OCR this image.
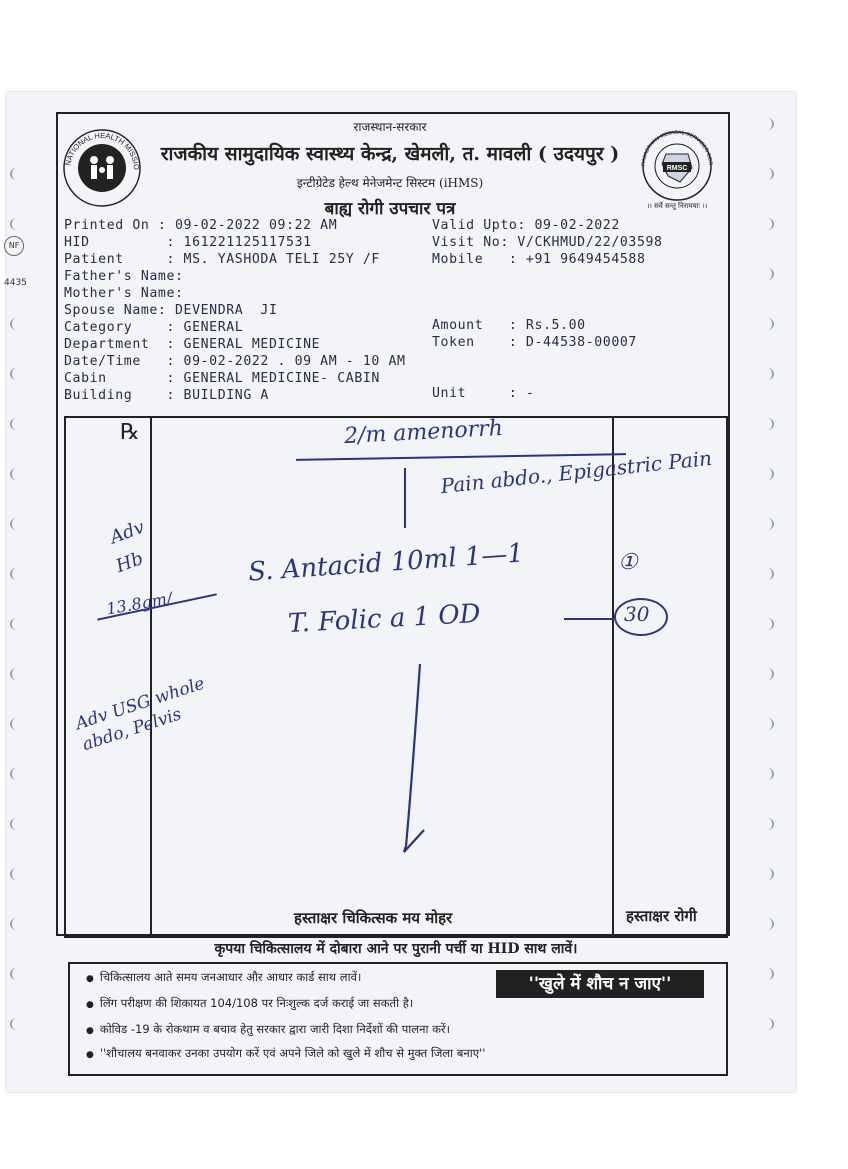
NF
4435
NATIONAL HEALTH MISSIO	RMSC
RAJASTHAN MEDICAL SERVICES COR
।। सर्वे सन्तु निरामयाः ।।
राजस्थान-सरकार
राजकीय सामुदायिक स्वास्थ्य केन्द्र, खेमली, त. मावली ( उदयपुर )
इन्टीग्रेटेड हेल्थ मेनेजमेन्ट सिस्टम (iHMS)
बाह्य रोगी उपचार पत्र
Printed On : 09-02-2022 09:22 AM	Valid Upto: 09-02-2022
HID         : 161221125117531	Visit No: V/CKHMUD/22/03598
Patient     : MS. YASHODA TELI 25Y /F	Mobile   : +91 9649454588
Father's Name:
Mother's Name:
Spouse Name: DEVENDRA  JI
Category    : GENERAL	Amount   : Rs.5.00
Department  : GENERAL MEDICINE	Token    : D-44538-00007
Date/Time   : 09-02-2022 . 09 AM - 10 AM
Cabin       : GENERAL MEDICINE- CABIN
Building    : BUILDING A	Unit     : -
℞	2/m amenorrh
Pain abdo., Epigastric Pain
Adv
Hb
13.8gm/
Adv USG whole abdo, Pelvis
S. Antacid 10ml 1—1	①
T. Folic a 1 OD	30
हस्ताक्षर चिकित्सक मय मोहर	हस्ताक्षर रोगी
कृपया चिकित्सालय में दोबारा आने पर पुरानी पर्ची या HID साथ लावें।
● चिकित्सालय आते समय जनआधार और आधार कार्ड साथ लावें।
● लिंग परीक्षण की शिकायत 104/108 पर निःशुल्क दर्ज कराई जा सकती है।
● कोविड -19 के रोकथाम व बचाव हेतु सरकार द्वारा जारी दिशा निर्देशों की पालना करें।
● ''शौचालय बनवाकर उनका उपयोग करें एवं अपने जिले को खुले में शौच से मुक्त जिला बनाए''
''खुले में शौच न जाए''
